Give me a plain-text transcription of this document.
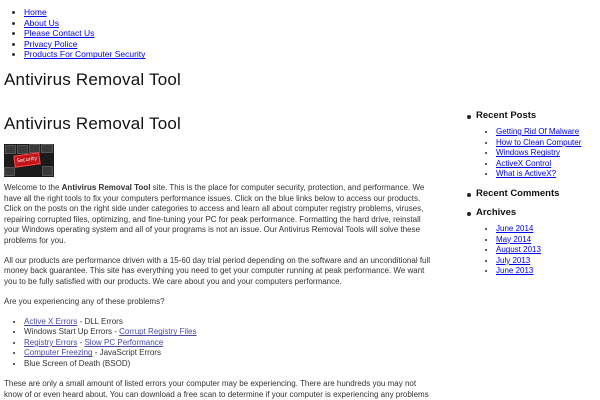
• Home
• About Us
• Please Contact Us
• Privacy Police
• Products For Computer Security
Antivirus Removal Tool
Antivirus Removal Tool
Security

Welcome to the Antivirus Removal Tool site. This is the place for computer security, protection, and performance. We have all the right tools to fix your computers performance issues. Click on the blue links below to access our products. Click on the posts on the right side under categories to access and learn all about computer registry problems, viruses, repairing corrupted files, optimizing, and fine-tuning your PC for peak performance. Formatting the hard drive, reinstall your Windows operating system and all of your programs is not an issue. Our Antivirus Removal Tools will solve these problems for you.

All our products are performance driven with a 15-60 day trial period depending on the software and an unconditional full money back guarantee. This site has everything you need to get your computer running at peak performance. We want you to be fully satisfied with our products. We care about you and your computers performance.

Are you experiencing any of these problems?

• Active X Errors - DLL Errors
• Windows Start Up Errors - Corrupt Registry Files
• Registry Errors - Slow PC Performance
• Computer Freezing - JavaScript Errors
• Blue Screen of Death (BSOD)

These are only a small amount of listed errors your computer may be experiencing. There are hundreds you may not know of or even heard about. You can download a free scan to determine if your computer is experiencing any problems

Recent Posts
• Getting Rid Of Malware
• How to Clean Computer
• Windows Registry
• ActiveX Control
• What is ActiveX?
Recent Comments
Archives
• June 2014
• May 2014
• August 2013
• July 2013
• June 2013
